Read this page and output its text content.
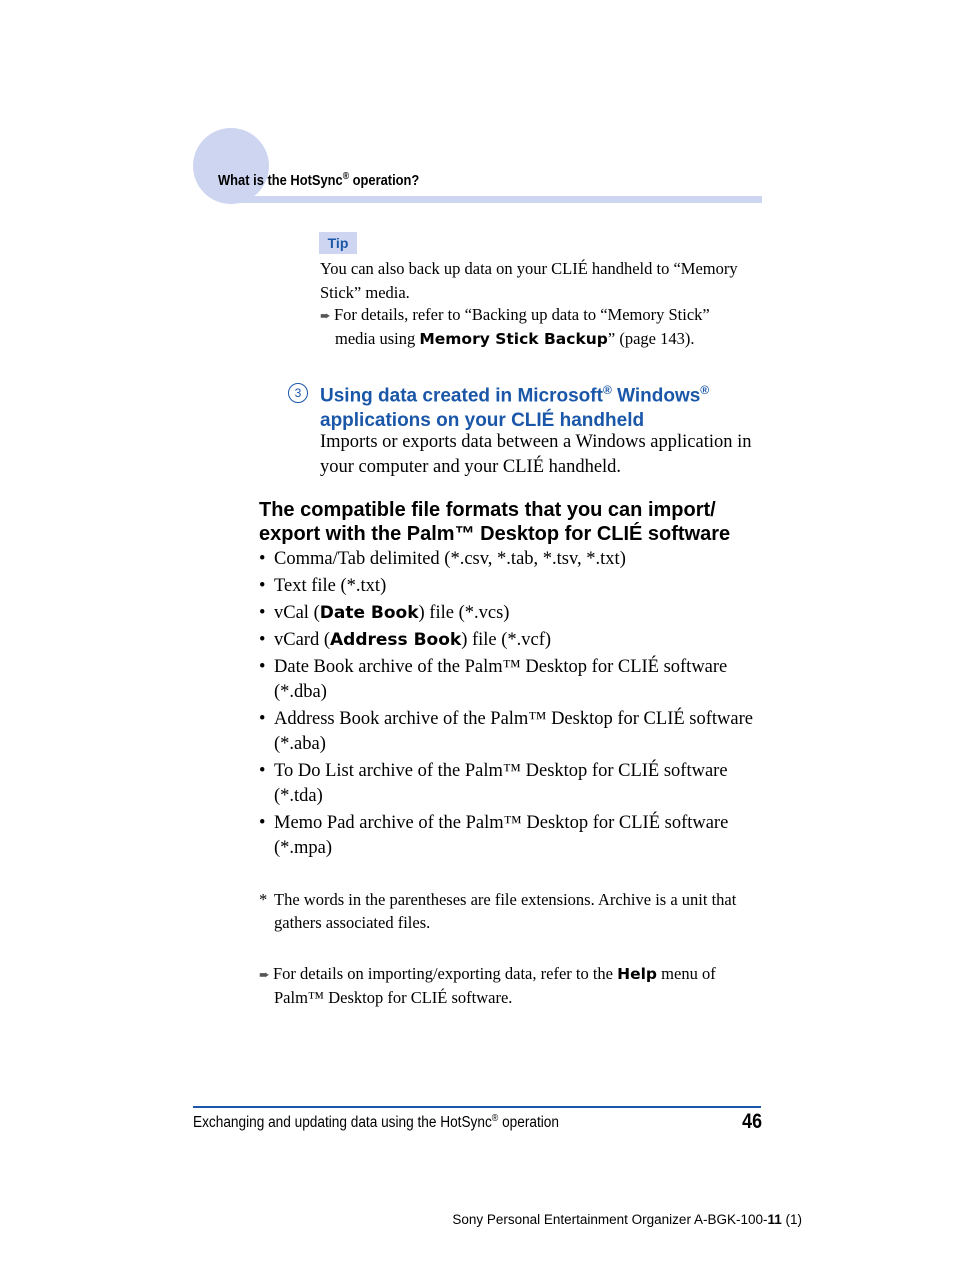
What is the HotSync® operation?
Tip
You can also back up data on your CLIÉ handheld to “Memory Stick” media.
➨ For details, refer to “Backing up data to “Memory Stick”
media using Memory Stick Backup” (page 143).
3 Using data created in Microsoft® Windows®
applications on your CLIÉ handheld
Imports or exports data between a Windows application in your computer and your CLIÉ handheld.
The compatible file formats that you can import/
export with the Palm™ Desktop for CLIÉ software
• Comma/Tab delimited (*.csv, *.tab, *.tsv, *.txt)
• Text file (*.txt)
• vCal (Date Book) file (*.vcs)
• vCard (Address Book) file (*.vcf)
• Date Book archive of the Palm™ Desktop for CLIÉ software (*.dba)
• Address Book archive of the Palm™ Desktop for CLIÉ software (*.aba)
• To Do List archive of the Palm™ Desktop for CLIÉ software (*.tda)
• Memo Pad archive of the Palm™ Desktop for CLIÉ software (*.mpa)
* The words in the parentheses are file extensions. Archive is a unit that gathers associated files.
➨ For details on importing/exporting data, refer to the Help menu of
Palm™ Desktop for CLIÉ software.
Exchanging and updating data using the HotSync® operation	46
Sony Personal Entertainment Organizer A-BGK-100-11 (1)
